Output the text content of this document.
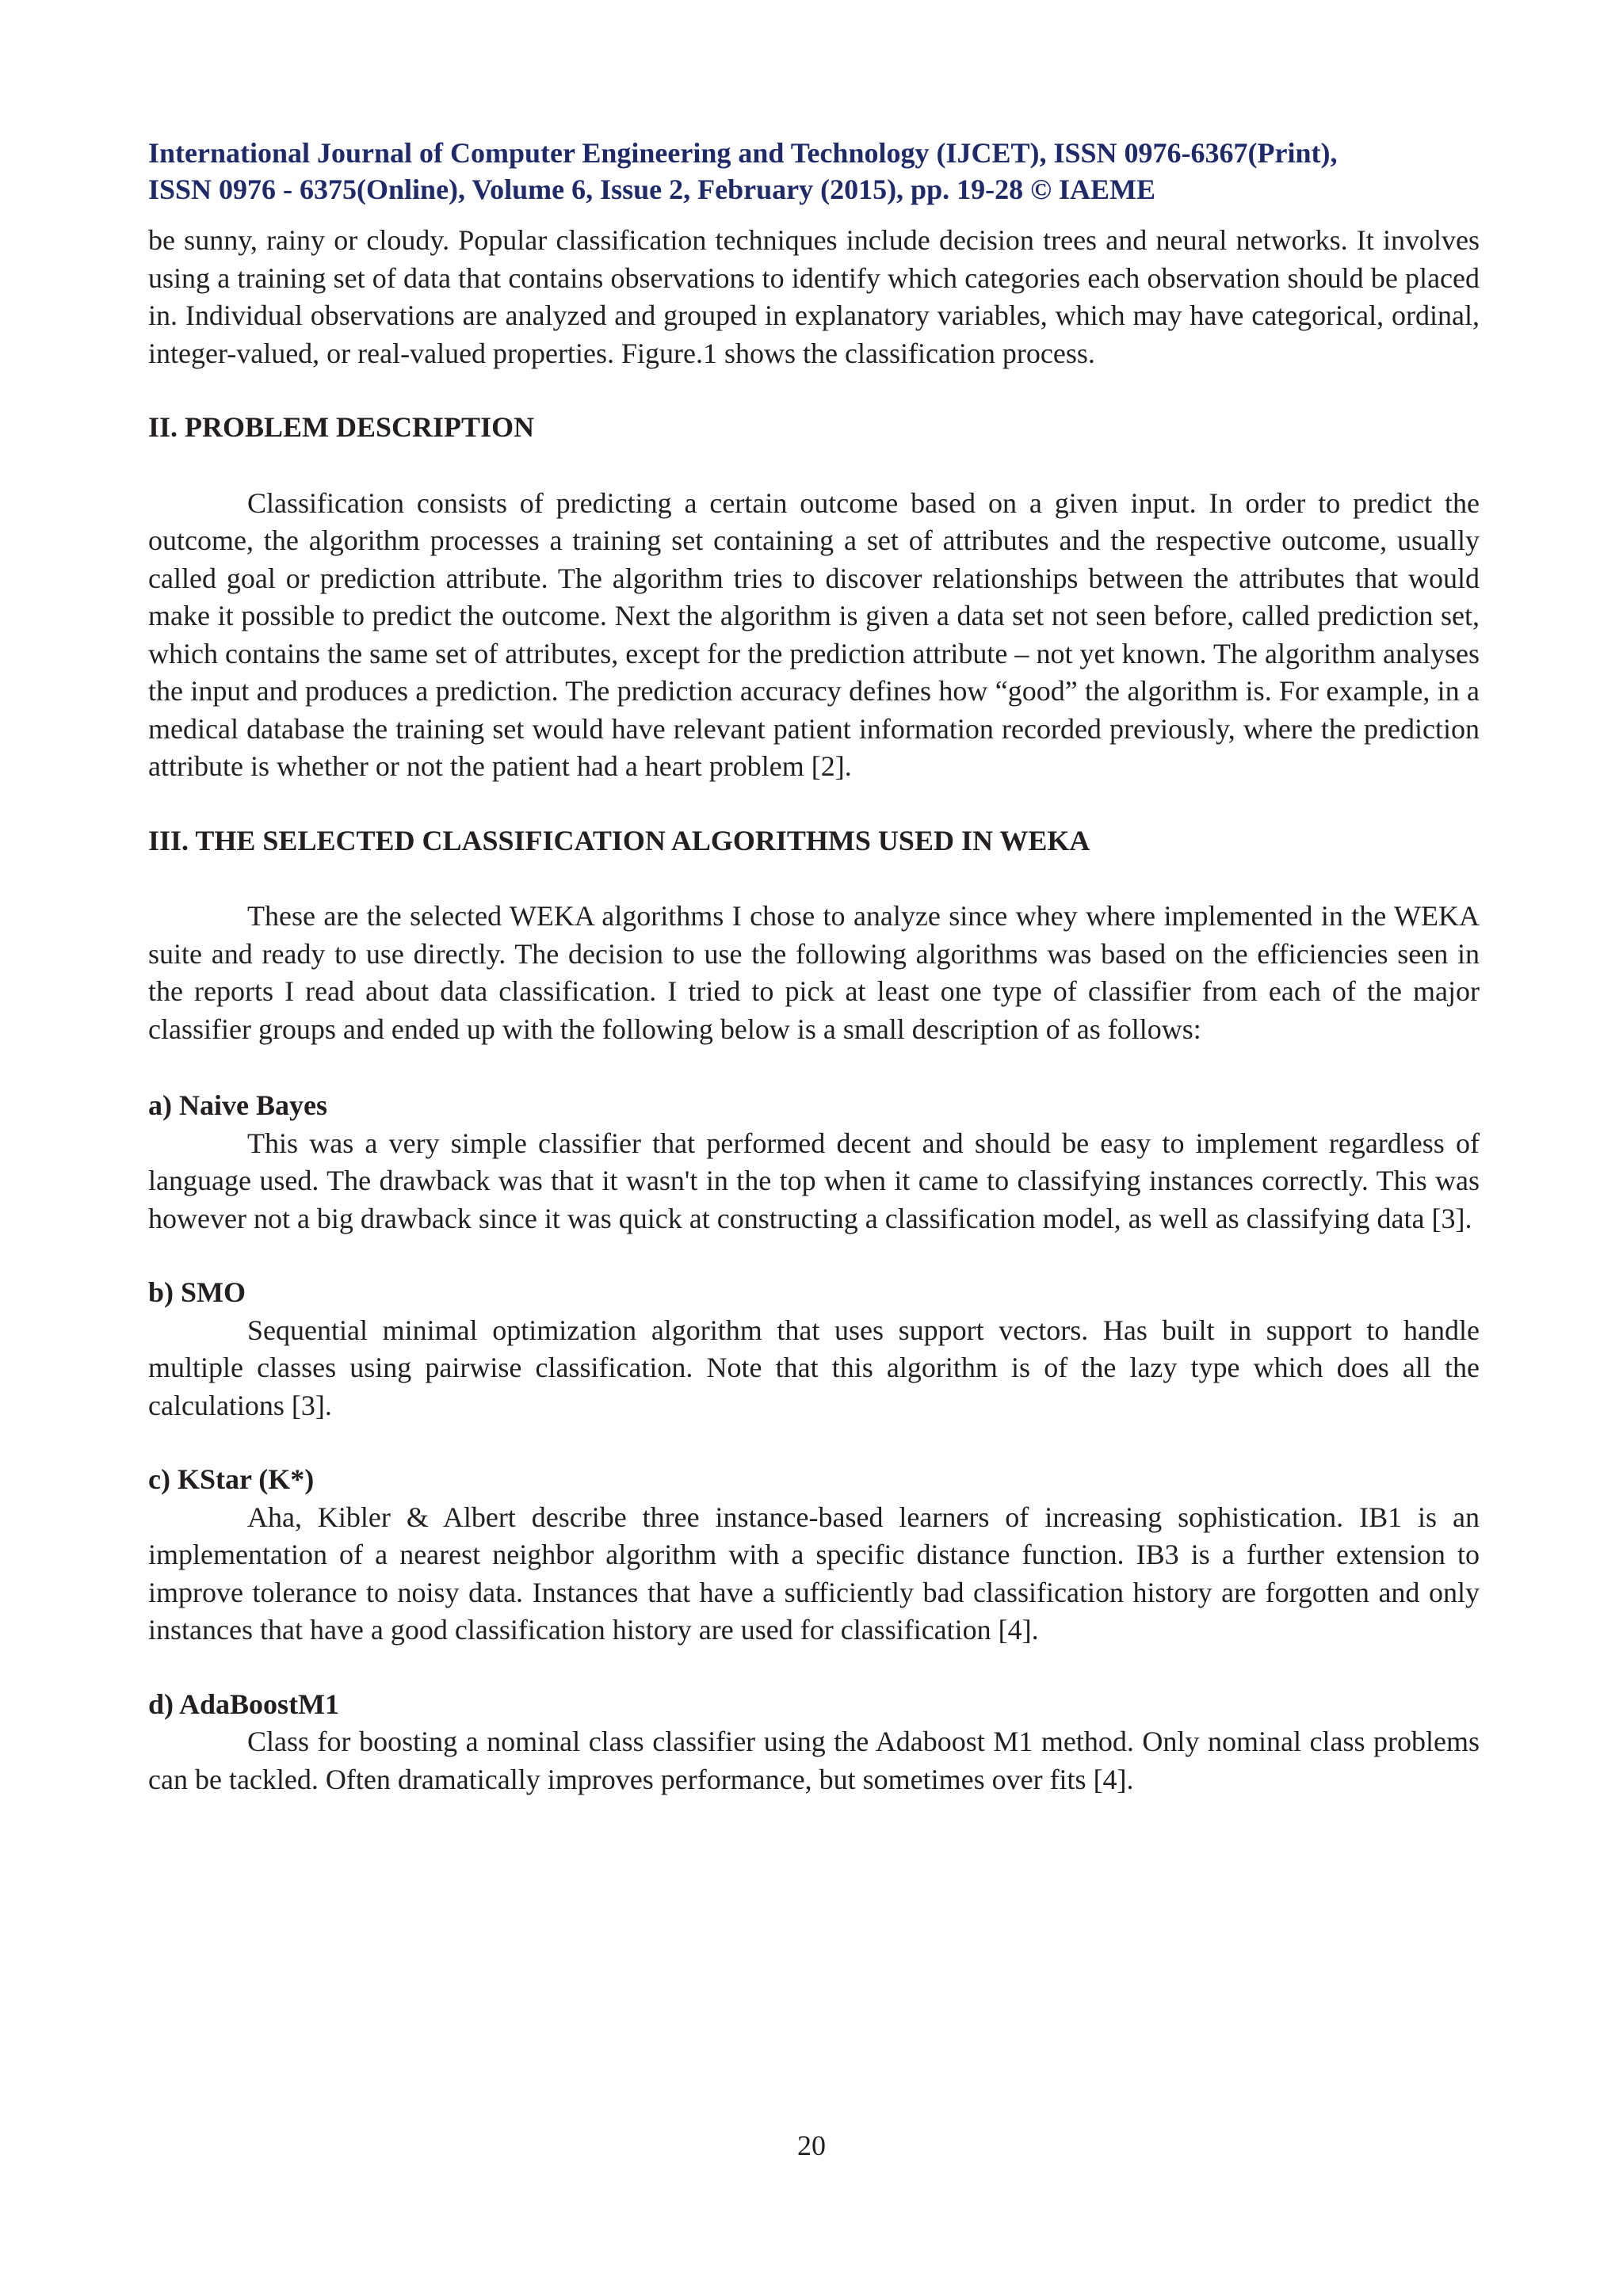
International Journal of Computer Engineering and Technology (IJCET), ISSN 0976-6367(Print),
ISSN 0976 - 6375(Online), Volume 6, Issue 2, February (2015), pp. 19-28 © IAEME

be sunny, rainy or cloudy. Popular classification techniques include decision trees and neural networks. It involves using a training set of data that contains observations to identify which categories each observation should be placed in. Individual observations are analyzed and grouped in explanatory variables, which may have categorical, ordinal, integer-valued, or real-valued properties. Figure.1 shows the classification process.

II. PROBLEM DESCRIPTION

Classification consists of predicting a certain outcome based on a given input. In order to predict the outcome, the algorithm processes a training set containing a set of attributes and the respective outcome, usually called goal or prediction attribute. The algorithm tries to discover relationships between the attributes that would make it possible to predict the outcome. Next the algorithm is given a data set not seen before, called prediction set, which contains the same set of attributes, except for the prediction attribute – not yet known. The algorithm analyses the input and produces a prediction. The prediction accuracy defines how “good” the algorithm is. For example, in a medical database the training set would have relevant patient information recorded previously, where the prediction attribute is whether or not the patient had a heart problem [2].

III. THE SELECTED CLASSIFICATION ALGORITHMS USED IN WEKA

These are the selected WEKA algorithms I chose to analyze since whey where implemented in the WEKA suite and ready to use directly. The decision to use the following algorithms was based on the efficiencies seen in the reports I read about data classification. I tried to pick at least one type of classifier from each of the major classifier groups and ended up with the following below is a small description of as follows:

a) Naive Bayes

This was a very simple classifier that performed decent and should be easy to implement regardless of language used. The drawback was that it wasn't in the top when it came to classifying instances correctly. This was however not a big drawback since it was quick at constructing a classification model, as well as classifying data [3].

b) SMO

Sequential minimal optimization algorithm that uses support vectors. Has built in support to handle multiple classes using pairwise classification. Note that this algorithm is of the lazy type which does all the calculations [3].

c) KStar (K*)

Aha, Kibler & Albert describe three instance-based learners of increasing sophistication. IB1 is an implementation of a nearest neighbor algorithm with a specific distance function. IB3 is a further extension to improve tolerance to noisy data. Instances that have a sufficiently bad classification history are forgotten and only instances that have a good classification history are used for classification [4].

d) AdaBoostM1

Class for boosting a nominal class classifier using the Adaboost M1 method. Only nominal class problems can be tackled. Often dramatically improves performance, but sometimes over fits [4].

20
